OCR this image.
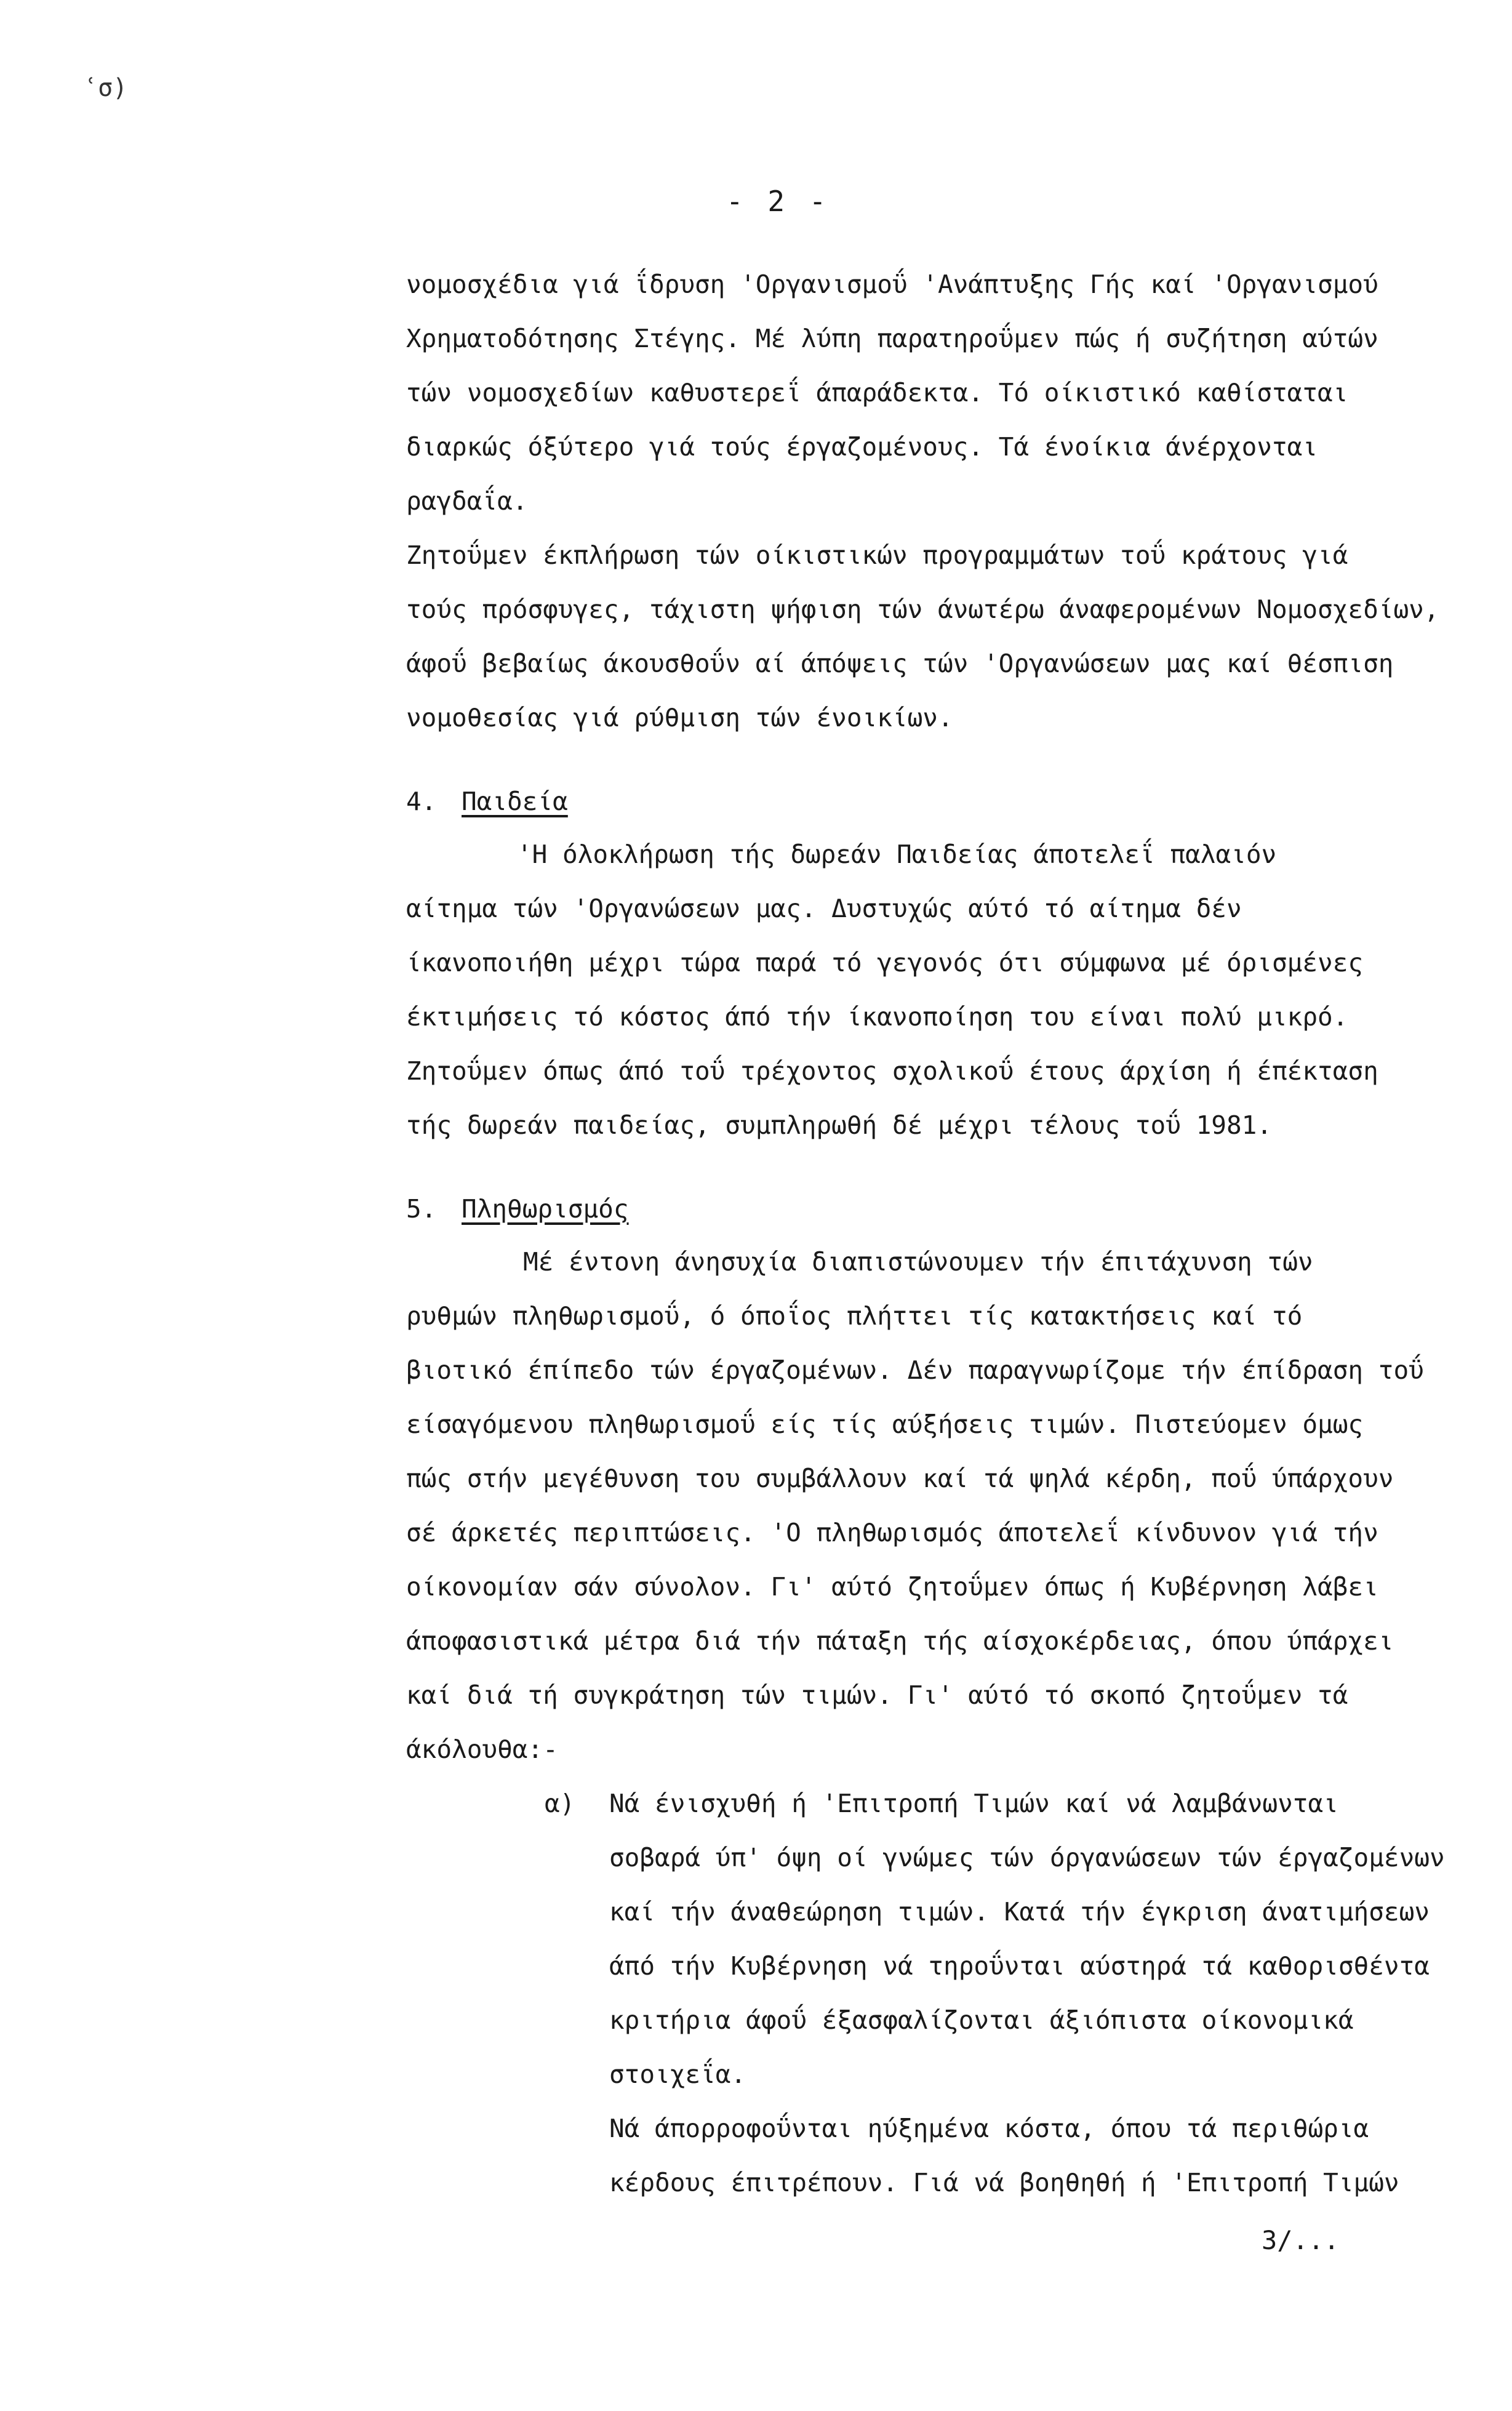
ʿσ)
- 2 -
νομοσχέδια γιά ΐδρυση 'Οργανισμοΰ 'Ανάπτυξης Γής καί 'Οργανισμού
Χρηματοδότησης Στέγης. Μέ λύπη παρατηροΰμεν πώς ή συζήτηση αύτών
τών νομοσχεδίων καθυστερεΐ άπαράδεκτα. Τό οίκιστικό καθίσταται
διαρκώς όξύτερο γιά τούς έργαζομένους. Τά ένοίκια άνέρχονται
ραγδαΐα.
Ζητοΰμεν έκπλήρωση τών οίκιστικών προγραμμάτων τοΰ κράτους γιά
τούς πρόσφυγες, τάχιστη ψήφιση τών άνωτέρω άναφερομένων Νομοσχεδίων,
άφοΰ βεβαίως άκουσθοΰν αί άπόψεις τών 'Οργανώσεων μας καί θέσπιση
νομοθεσίας γιά ρύθμιση τών ένοικίων.
4. Παιδεία
'Η όλοκλήρωση τής δωρεάν Παιδείας άποτελεΐ παλαιόν
αίτημα τών 'Οργανώσεων μας. Δυστυχώς αύτό τό αίτημα δέν
ίκανοποιήθη μέχρι τώρα παρά τό γεγονός ότι σύμφωνα μέ όρισμένες
έκτιμήσεις τό κόστος άπό τήν ίκανοποίηση του είναι πολύ μικρό.
Ζητοΰμεν όπως άπό τοΰ τρέχοντος σχολικοΰ έτους άρχίση ή έπέκταση
τής δωρεάν παιδείας, συμπληρωθή δέ μέχρι τέλους τοΰ 1981.
5. Πληθωρισμός
Μέ έντονη άνησυχία διαπιστώνουμεν τήν έπιτάχυνση τών
ρυθμών πληθωρισμοΰ, ό όποΐος πλήττει τίς κατακτήσεις καί τό
βιοτικό έπίπεδο τών έργαζομένων. Δέν παραγνωρίζομε τήν έπίδραση τοΰ
είσαγόμενου πληθωρισμοΰ είς τίς αύξήσεις τιμών. Πιστεύομεν όμως
πώς στήν μεγέθυνση του συμβάλλουν καί τά ψηλά κέρδη, ποΰ ύπάρχουν
σέ άρκετές περιπτώσεις. 'Ο πληθωρισμός άποτελεΐ κίνδυνον γιά τήν
οίκονομίαν σάν σύνολον. Γι' αύτό ζητοΰμεν όπως ή Κυβέρνηση λάβει
άποφασιστικά μέτρα διά τήν πάταξη τής αίσχοκέρδειας, όπου ύπάρχει
καί διά τή συγκράτηση τών τιμών. Γι' αύτό τό σκοπό ζητοΰμεν τά
άκόλουθα:-
α) Νά ένισχυθή ή 'Επιτροπή Τιμών καί νά λαμβάνωνται
σοβαρά ύπ' όψη οί γνώμες τών όργανώσεων τών έργαζομένων
καί τήν άναθεώρηση τιμών. Κατά τήν έγκριση άνατιμήσεων
άπό τήν Κυβέρνηση νά τηροΰνται αύστηρά τά καθορισθέντα
κριτήρια άφοΰ έξασφαλίζονται άξιόπιστα οίκονομικά
στοιχεΐα.
Νά άπορροφοΰνται ηύξημένα κόστα, όπου τά περιθώρια
κέρδους έπιτρέπουν. Γιά νά βοηθηθή ή 'Επιτροπή Τιμών
3/...
